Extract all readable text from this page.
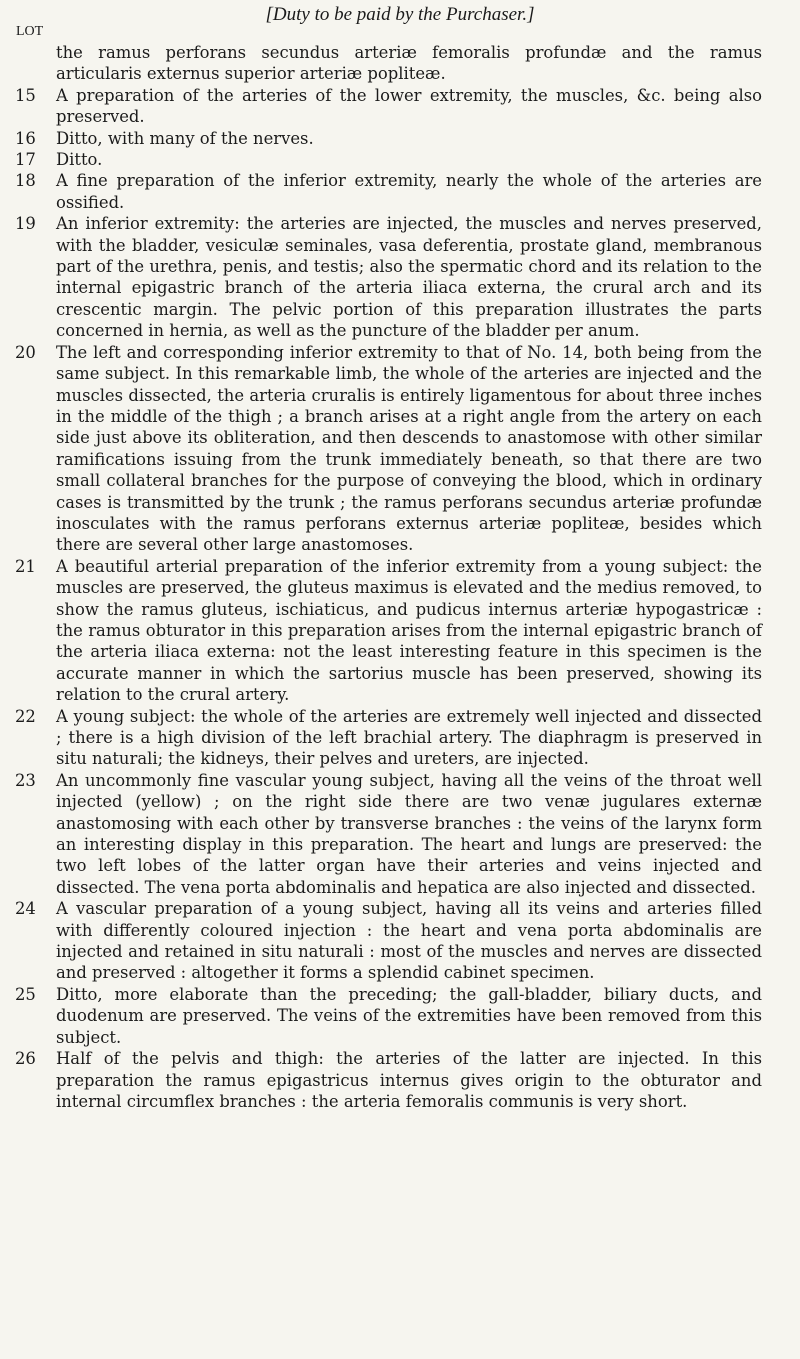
[Duty to be paid by the Purchaser.]
LOT
the ramus perforans secundus arteriæ femoralis profundæ and the ramus articularis externus superior arteriæ popliteæ.
15 A preparation of the arteries of the lower extremity, the muscles, &c. being also preserved.
16 Ditto, with many of the nerves.
17 Ditto.
18 A fine preparation of the inferior extremity, nearly the whole of the arteries are ossified.
19 An inferior extremity: the arteries are injected, the muscles and nerves preserved, with the bladder, vesiculæ seminales, vasa deferentia, prostate gland, membranous part of the urethra, penis, and testis; also the spermatic chord and its relation to the internal epigastric branch of the arteria iliaca externa, the crural arch and its crescentic margin. The pelvic portion of this preparation illustrates the parts concerned in hernia, as well as the puncture of the bladder per anum.
20 The left and corresponding inferior extremity to that of No. 14, both being from the same subject. In this remarkable limb, the whole of the arteries are injected and the muscles dissected, the arteria cruralis is entirely ligamentous for about three inches in the middle of the thigh ; a branch arises at a right angle from the artery on each side just above its obliteration, and then descends to anastomose with other similar ramifications issuing from the trunk immediately beneath, so that there are two small collateral branches for the purpose of conveying the blood, which in ordinary cases is transmitted by the trunk ; the ramus perforans secundus arteriæ profundæ inosculates with the ramus perforans externus arteriæ popliteæ, besides which there are several other large anastomoses.
21 A beautiful arterial preparation of the inferior extremity from a young subject: the muscles are preserved, the gluteus maximus is elevated and the medius removed, to show the ramus gluteus, ischiaticus, and pudicus internus arteriæ hypogastricæ : the ramus obturator in this preparation arises from the internal epigastric branch of the arteria iliaca externa: not the least interesting feature in this specimen is the accurate manner in which the sartorius muscle has been preserved, showing its relation to the crural artery.
22 A young subject: the whole of the arteries are extremely well injected and dissected ; there is a high division of the left brachial artery. The diaphragm is preserved in situ naturali; the kidneys, their pelves and ureters, are injected.
23 An uncommonly fine vascular young subject, having all the veins of the throat well injected (yellow) ; on the right side there are two venæ jugulares externæ anastomosing with each other by transverse branches : the veins of the larynx form an interesting display in this preparation. The heart and lungs are preserved: the two left lobes of the latter organ have their arteries and veins injected and dissected. The vena porta abdominalis and hepatica are also injected and dissected.
24 A vascular preparation of a young subject, having all its veins and arteries filled with differently coloured injection : the heart and vena porta abdominalis are injected and retained in situ naturali : most of the muscles and nerves are dissected and preserved : altogether it forms a splendid cabinet specimen.
25 Ditto, more elaborate than the preceding; the gall-bladder, biliary ducts, and duodenum are preserved. The veins of the extremities have been removed from this subject.
26 Half of the pelvis and thigh: the arteries of the latter are injected. In this preparation the ramus epigastricus internus gives origin to the obturator and internal circumflex branches : the arteria femoralis communis is very short.
